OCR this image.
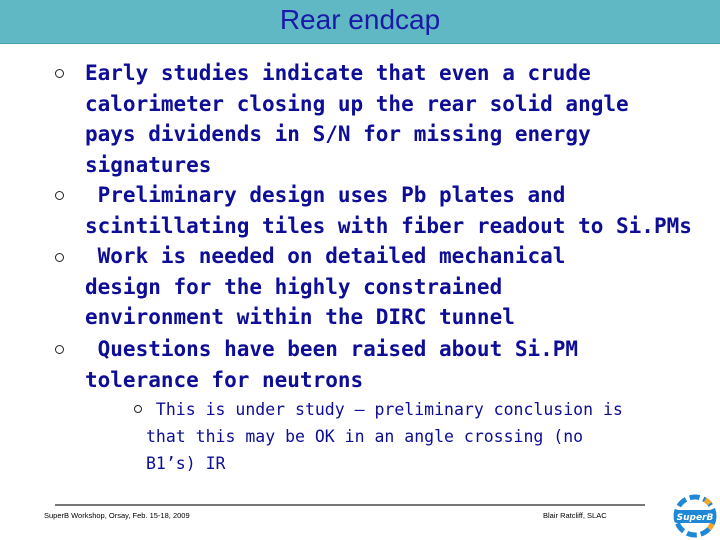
Rear endcap

Early studies indicate that even a crude
calorimeter closing up the rear solid angle
pays dividends in S/N for missing energy
signatures

Preliminary design uses Pb plates and
scintillating tiles with fiber readout to Si.PMs

Work is needed on detailed mechanical
design for the highly constrained
environment within the DIRC tunnel

Questions have been raised about Si.PM
tolerance for neutrons

This is under study – preliminary conclusion is
that this may be OK in an angle crossing (no
B1’s) IR

SuperB Workshop, Orsay, Feb. 15-18, 2009	Blair Ratcliff, SLAC	SuperB
